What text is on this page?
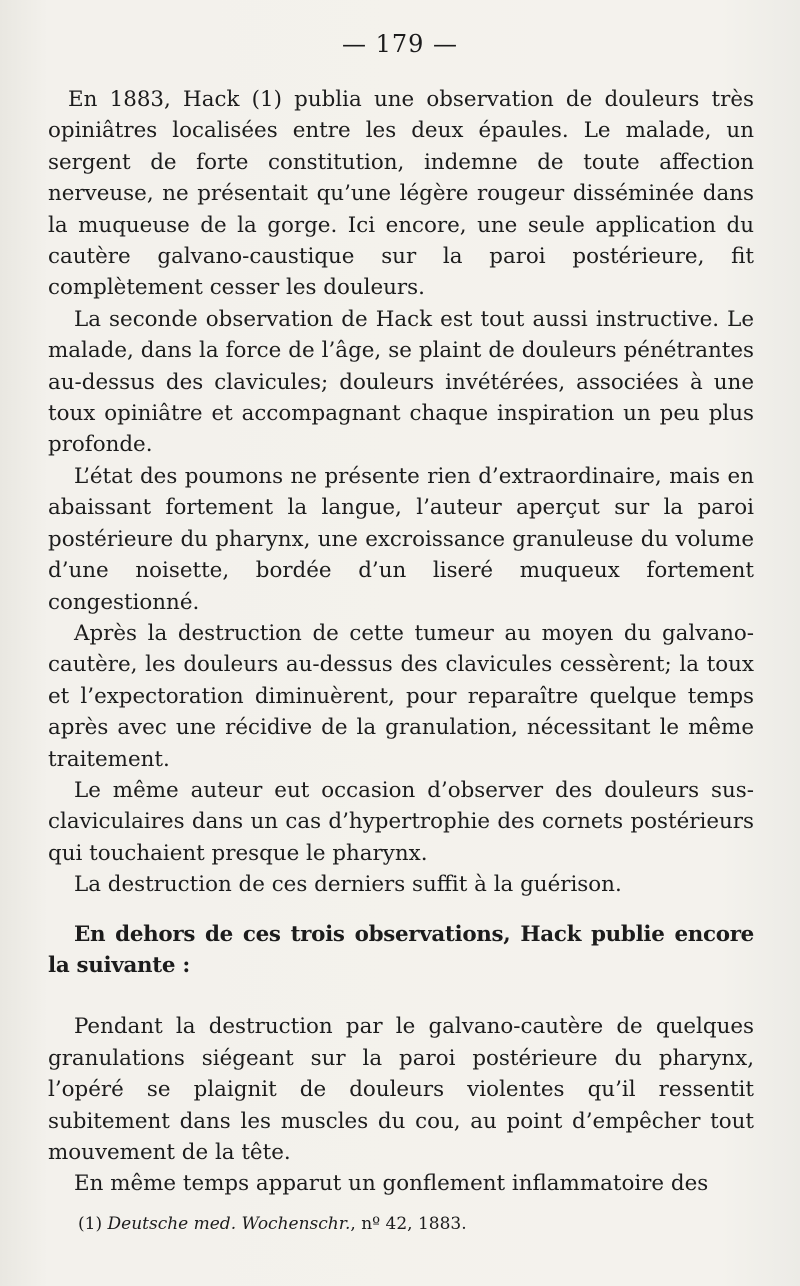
— 179 —

En 1883, Hack (1) publia une observation de douleurs très opiniâtres localisées entre les deux épaules. Le malade, un sergent de forte constitution, indemne de toute affection nerveuse, ne présentait qu’une légère rougeur disséminée dans la muqueuse de la gorge. Ici encore, une seule application du cautère galvano-caustique sur la paroi postérieure, fit complètement cesser les douleurs.

La seconde observation de Hack est tout aussi instructive. Le malade, dans la force de l’âge, se plaint de douleurs pénétrantes au-dessus des clavicules; douleurs invétérées, associées à une toux opiniâtre et accompagnant chaque inspiration un peu plus profonde.

L’état des poumons ne présente rien d’extraordinaire, mais en abaissant fortement la langue, l’auteur aperçut sur la paroi postérieure du pharynx, une excroissance granuleuse du volume d’une noisette, bordée d’un liseré muqueux fortement congestionné.

Après la destruction de cette tumeur au moyen du galvano-cautère, les douleurs au-dessus des clavicules cessèrent; la toux et l’expectoration diminuèrent, pour reparaître quelque temps après avec une récidive de la granulation, nécessitant le même traitement.

Le même auteur eut occasion d’observer des douleurs sus-claviculaires dans un cas d’hypertrophie des cornets postérieurs qui touchaient presque le pharynx.

La destruction de ces derniers suffit à la guérison.

En dehors de ces trois observations, Hack publie encore la suivante :

Pendant la destruction par le galvano-cautère de quelques granulations siégeant sur la paroi postérieure du pharynx, l’opéré se plaignit de douleurs violentes qu’il ressentit subitement dans les muscles du cou, au point d’empêcher tout mouvement de la tête.

En même temps apparut un gonflement inflammatoire des

(1) Deutsche med. Wochenschr., nº 42, 1883.
